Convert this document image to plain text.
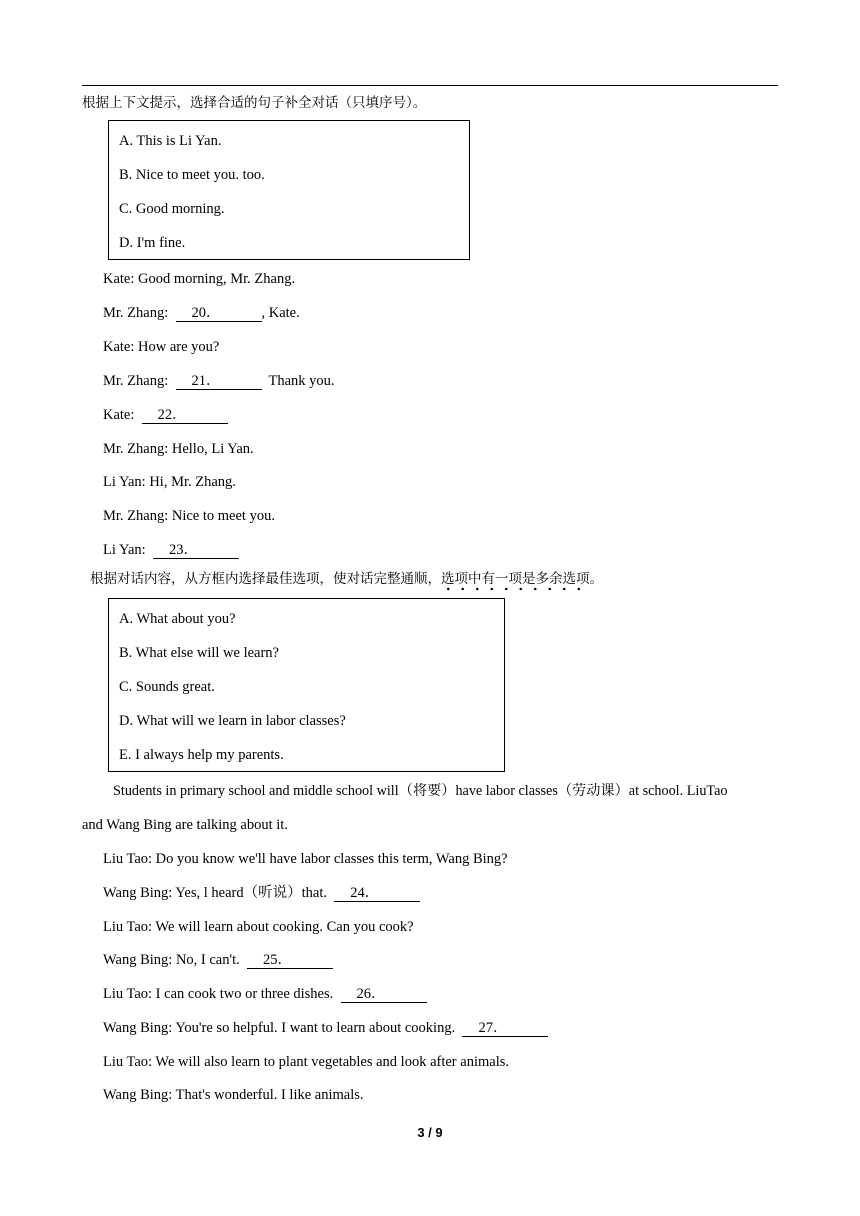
根据上下文提示，选择合适的句子补全对话（只填序号）。
A. This is Li Yan.
B. Nice to meet you. too.
C. Good morning.
D. I'm fine.
Kate: Good morning, Mr. Zhang.
Mr. Zhang:  20．	, Kate.
Kate: How are you?
Mr. Zhang:  21．	Thank you.
Kate:  22．
Mr. Zhang: Hello, Li Yan.
Li Yan: Hi, Mr. Zhang.
Mr. Zhang: Nice to meet you.
Li Yan:  23．
根据对话内容，从方框内选择最佳选项，使对话完整通顺，选项中有一项是多余选项。
A. What about you?
B. What else will we learn?
C. Sounds great.
D. What will we learn in labor classes?
E. I always help my parents.
Students in primary school and middle school will（将要）have labor classes（劳动课）at school. LiuTao
and Wang Bing are talking about it.
Liu Tao: Do you know we'll have labor classes this term, Wang Bing?
Wang Bing: Yes, l heard（听说）that.  24．
Liu Tao: We will learn about cooking. Can you cook?
Wang Bing: No, I can't.  25．
Liu Tao: I can cook two or three dishes.  26．
Wang Bing: You're so helpful. I want to learn about cooking.  27．
Liu Tao: We will also learn to plant vegetables and look after animals.
Wang Bing: That's wonderful. I like animals.
3 / 9
